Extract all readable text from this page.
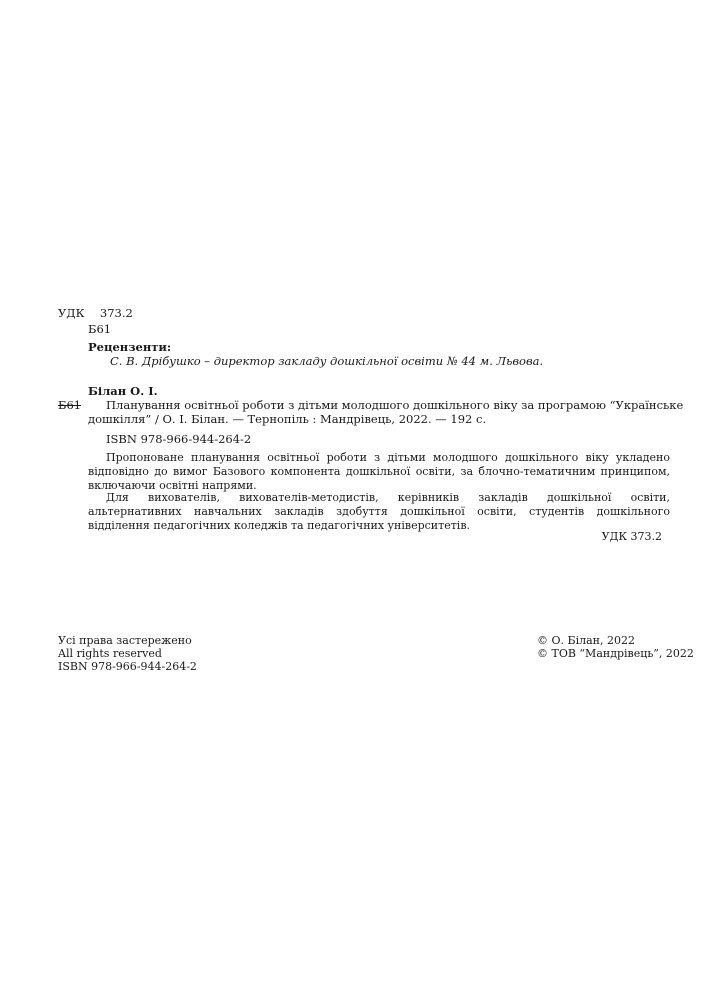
УДК 373.2
Б61
Рецензенти:
С. В. Дрібушко – директор закладу дошкільної освіти № 44 м. Львова.
Білан О. І.
Б61 Планування освітньої роботи з дітьми молодшого дошкільного віку за програмою “Українське
дошкілля” / О. І. Білан. — Тернопіль : Мандрівець, 2022. — 192 с.
ISBN 978-966-944-264-2
Пропоноване планування освітньої роботи з дітьми молодшого дошкільного віку укладено відповідно до вимог Базового компонента дошкільної освіти, за блочно-тематичним принципом, включаючи освітні напрями.
Для вихователів, вихователів-методистів, керівників закладів дошкільної освіти, альтернативних навчальних закладів здобуття дошкільної освіти, студентів дошкільного відділення педагогічних коледжів та педагогічних університетів.
УДК 373.2
Усі права застережено
All rights reserved
ISBN 978-966-944-264-2
© О. Білан, 2022
© ТОВ “Мандрівець”, 2022
